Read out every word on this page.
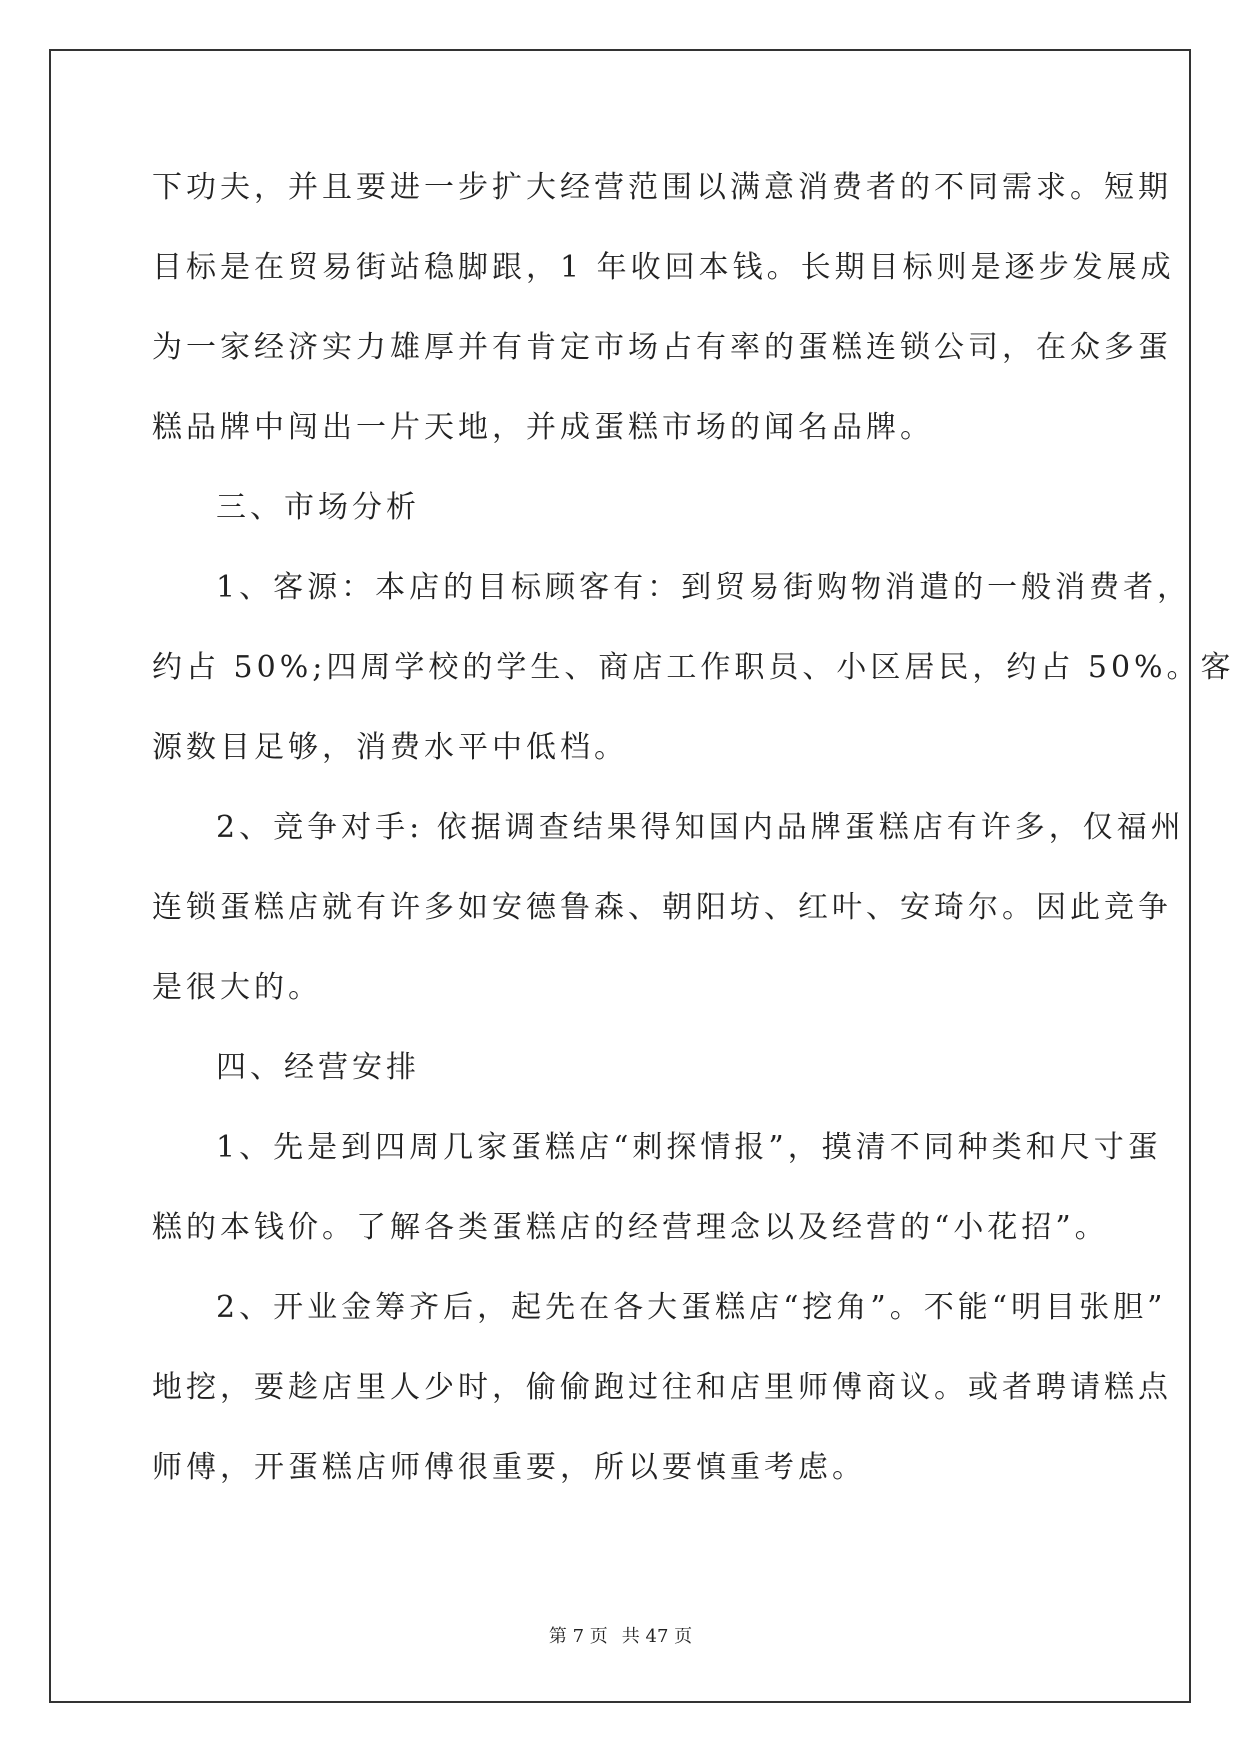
下功夫，并且要进一步扩大经营范围以满意消费者的不同需求。短期
目标是在贸易街站稳脚跟，1 年收回本钱。长期目标则是逐步发展成
为一家经济实力雄厚并有肯定市场占有率的蛋糕连锁公司，在众多蛋
糕品牌中闯出一片天地，并成蛋糕市场的闻名品牌。
三、市场分析
1、客源：本店的目标顾客有：到贸易街购物消遣的一般消费者，
约占 50%;四周学校的学生、商店工作职员、小区居民，约占 50%。客
源数目足够，消费水平中低档。
2、竞争对手: 依据调查结果得知国内品牌蛋糕店有许多，仅福州
连锁蛋糕店就有许多如安德鲁森、朝阳坊、红叶、安琦尔。因此竞争
是很大的。
四、经营安排
1、先是到四周几家蛋糕店“刺探情报”，摸清不同种类和尺寸蛋
糕的本钱价。了解各类蛋糕店的经营理念以及经营的“小花招”。
2、开业金筹齐后，起先在各大蛋糕店“挖角”。不能“明目张胆”
地挖，要趁店里人少时，偷偷跑过往和店里师傅商议。或者聘请糕点
师傅，开蛋糕店师傅很重要，所以要慎重考虑。
第 7 页 共 47 页
